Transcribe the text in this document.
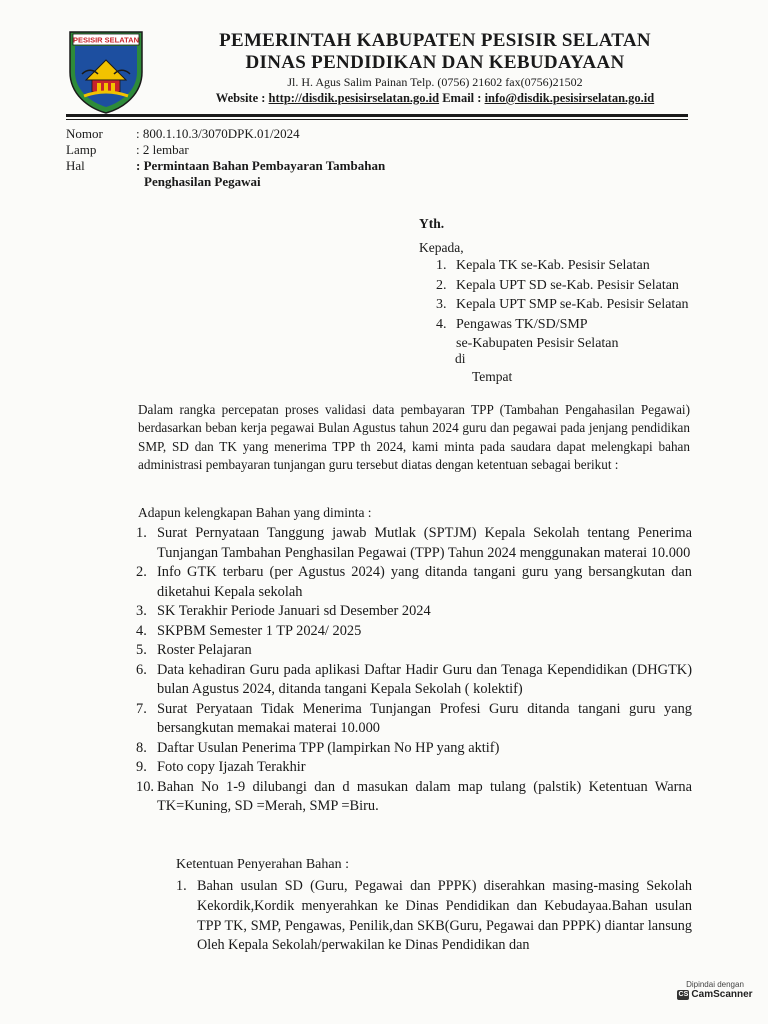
PESISIR SELATAN	PEMERINTAH KABUPATEN PESISIR SELATAN
DINAS PENDIDIKAN DAN KEBUDAYAAN
Jl. H. Agus Salim Painan Telp. (0756) 21602 fax(0756)21502
Website : http://disdik.pesisirselatan.go.id Email : info@disdik.pesisirselatan.go.id
Nomor	: 800.1.10.3/3070DPK.01/2024
Lamp	: 2 lembar
Hal	: Permintaan Bahan Pembayaran Tambahan
Penghasilan Pegawai
Yth.
Kepada,
1. Kepala TK se-Kab. Pesisir Selatan
2. Kepala UPT SD se-Kab. Pesisir Selatan
3. Kepala UPT SMP se-Kab. Pesisir Selatan
4. Pengawas TK/SD/SMP
se-Kabupaten Pesisir Selatan
di
Tempat
Dalam rangka percepatan proses validasi data pembayaran TPP (Tambahan Pengahasilan Pegawai) berdasarkan beban kerja pegawai Bulan Agustus tahun 2024 guru dan pegawai pada jenjang pendidikan SMP, SD dan TK yang menerima TPP th 2024, kami minta pada saudara dapat melengkapi bahan administrasi pembayaran tunjangan guru tersebut diatas dengan ketentuan sebagai berikut :
Adapun kelengkapan Bahan yang diminta :
1. Surat Pernyataan Tanggung jawab Mutlak (SPTJM) Kepala Sekolah tentang Penerima Tunjangan Tambahan Penghasilan Pegawai (TPP) Tahun 2024 menggunakan materai 10.000
2. Info GTK terbaru (per Agustus 2024) yang ditanda tangani guru yang bersangkutan dan diketahui Kepala sekolah
3. SK Terakhir Periode Januari sd Desember 2024
4. SKPBM Semester 1 TP 2024/ 2025
5. Roster Pelajaran
6. Data kehadiran Guru pada aplikasi Daftar Hadir Guru dan Tenaga Kependidikan (DHGTK) bulan Agustus 2024, ditanda tangani Kepala Sekolah ( kolektif)
7. Surat Peryataan Tidak Menerima Tunjangan Profesi Guru ditanda tangani guru yang bersangkutan memakai materai 10.000
8. Daftar Usulan Penerima TPP (lampirkan No HP yang aktif)
9. Foto copy Ijazah Terakhir
10. Bahan No 1-9 dilubangi dan d masukan dalam map tulang (palstik) Ketentuan Warna TK=Kuning, SD =Merah, SMP =Biru.
Ketentuan Penyerahan Bahan :
1. Bahan usulan SD (Guru, Pegawai dan PPPK) diserahkan masing-masing Sekolah Kekordik,Kordik menyerahkan ke Dinas Pendidikan dan Kebudayaa.Bahan usulan TPP TK, SMP, Pengawas, Penilik,dan SKB(Guru, Pegawai dan PPPK) diantar lansung Oleh Kepala Sekolah/perwakilan ke Dinas Pendidikan dan
Dipindai dengan
CS CamScanner
